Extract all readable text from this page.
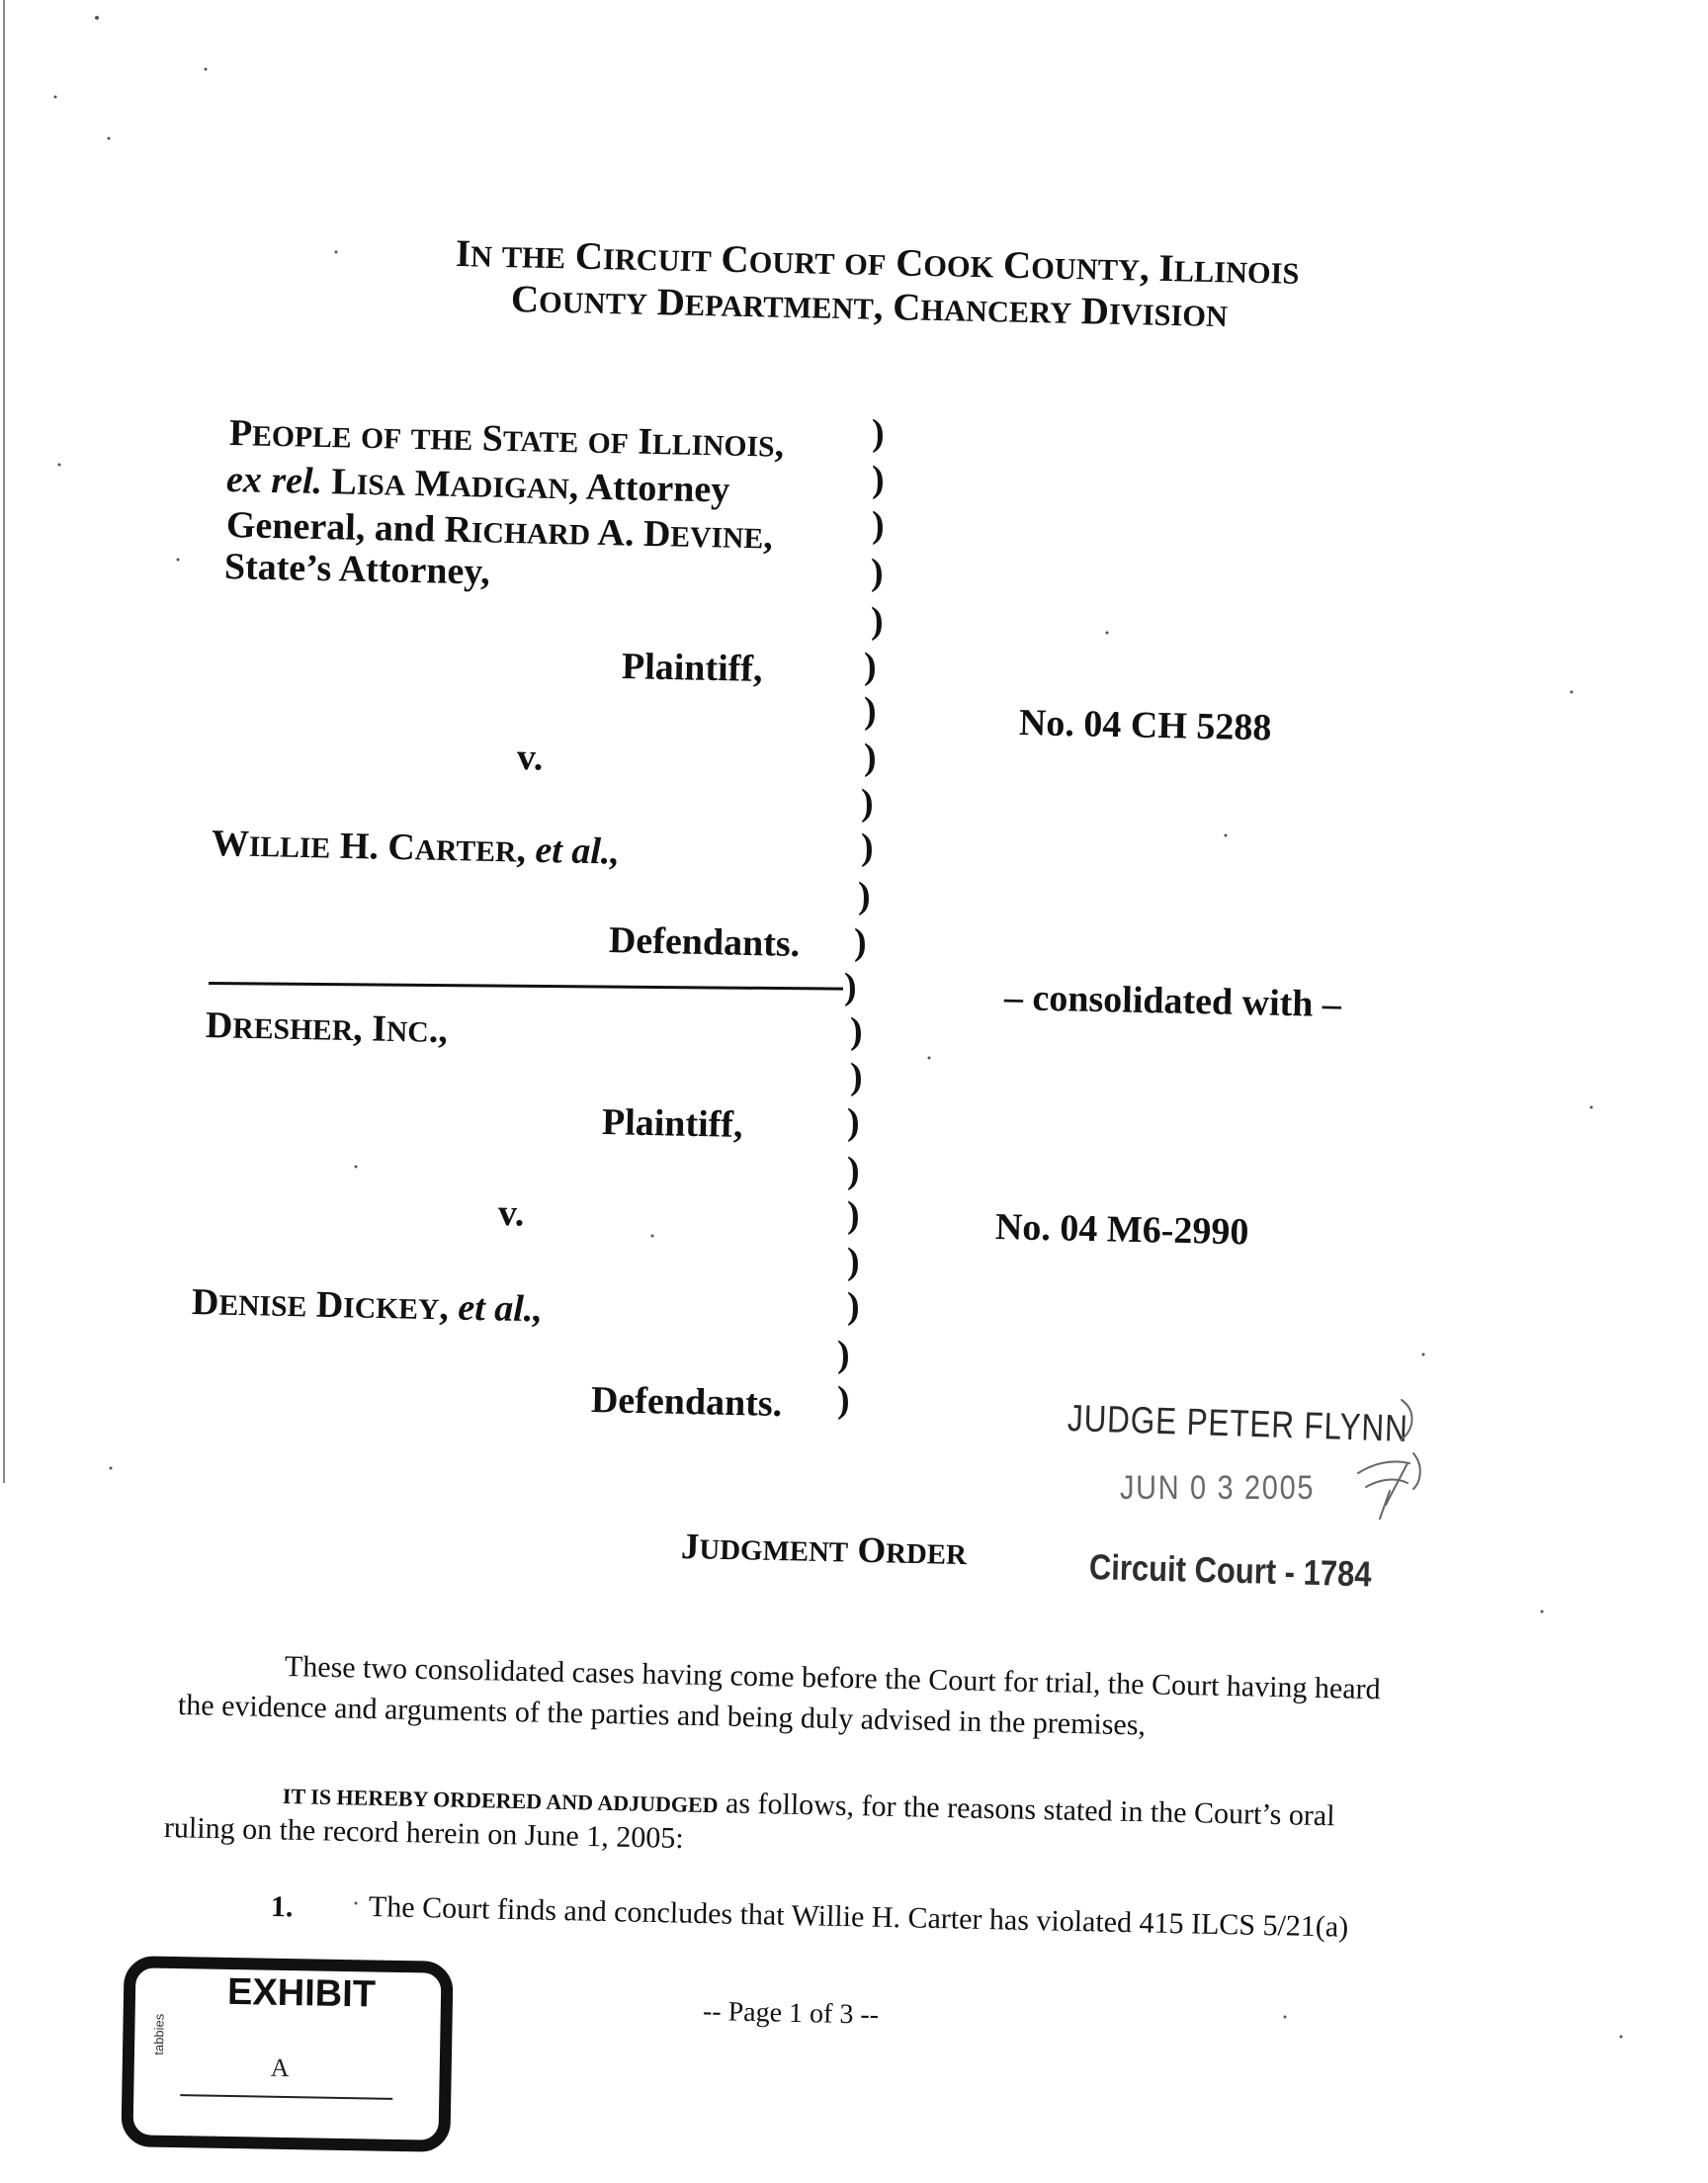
IN THE CIRCUIT COURT OF COOK COUNTY, ILLINOIS
COUNTY DEPARTMENT, CHANCERY DIVISION
PEOPLE OF THE STATE OF ILLINOIS,
ex rel. LISA MADIGAN, Attorney
General, and RICHARD A. DEVINE,
State’s Attorney,
Plaintiff,
v.
WILLIE H. CARTER, et al.,
Defendants.
DRESHER, INC.,
Plaintiff,
v.
DENISE DICKEY, et al.,
Defendants.
)
)
)
)
)
)
)
)
)
)
)
)
)
)
)
)
)
)
)
)
)
)
No. 04 CH 5288
– consolidated with –
No. 04 M6-2990
JUDGE PETER FLYNN
JUN 0 3 2005
Circuit Court - 1784
JUDGMENT ORDER
These two consolidated cases having come before the Court for trial, the Court having heard
the evidence and arguments of the parties and being duly advised in the premises,
IT IS HEREBY ORDERED AND ADJUDGED as follows, for the reasons stated in the Court’s oral
ruling on the record herein on June 1, 2005:
1.	The Court finds and concludes that Willie H. Carter has violated 415 ILCS 5/21(a)
-- Page 1 of 3 --
EXHIBIT
tabbies
A
